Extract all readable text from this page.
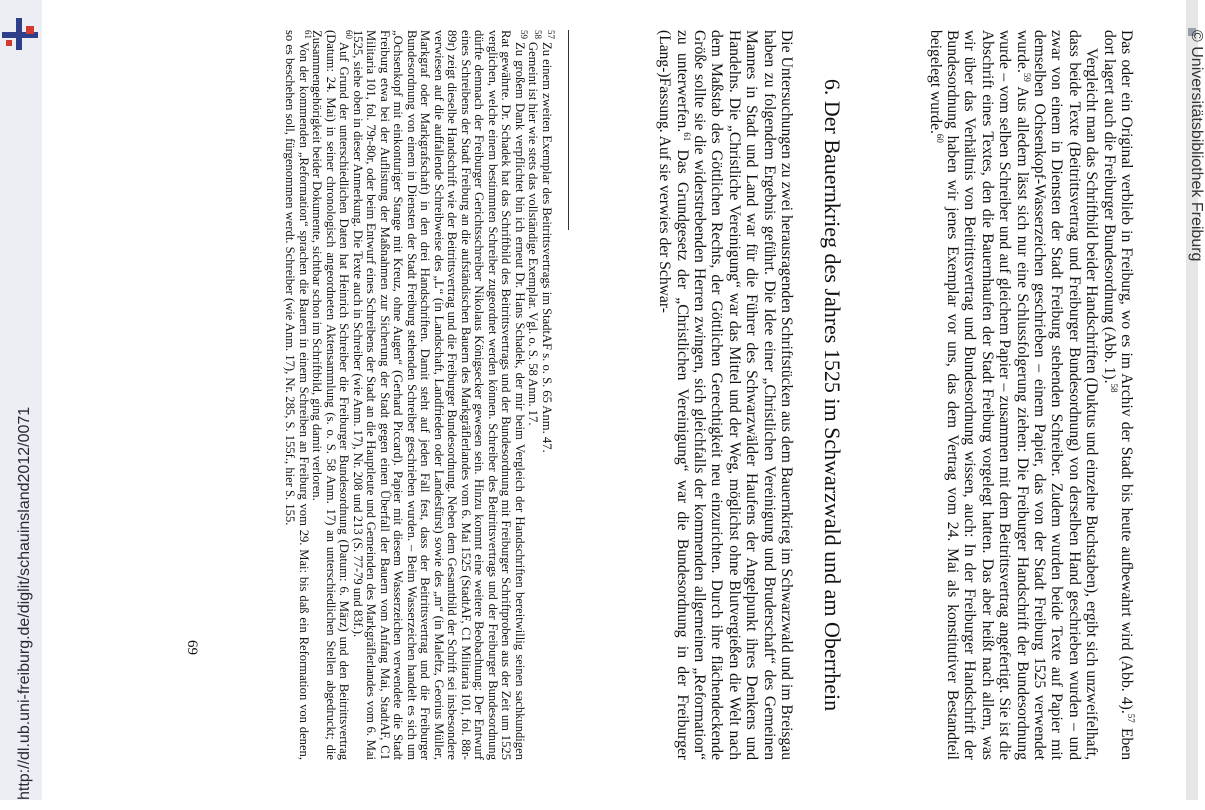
http://dl.ub.uni-freiburg.de/diglit/schauinsland2012/0071
© Universitätsbibliothek Freiburg

Das oder ein Original verblieb in Freiburg, wo es im Archiv der Stadt bis heute aufbewahrt wird (Abb. 4).$^{57}$ Eben dort lagert auch die Freiburger Bundesordnung (Abb. 1).$^{58}$

Vergleicht man das Schriftbild beider Handschriften (Duktus und einzelne Buchstaben), ergibt sich unzweifelhaft, dass beide Texte (Beitrittsvertrag und Freiburger Bundesordnung) von derselben Hand geschrieben wurden – und zwar von einem in Diensten der Stadt Freiburg stehenden Schreiber. Zudem wurden beide Texte auf Papier mit demselben Ochsenkopf-Wasserzeichen geschrieben – einem Papier, das von der Stadt Freiburg 1525 verwendet wurde.$^{59}$ Aus alledem lässt sich nur eine Schlussfolgerung ziehen: Die Freiburger Handschrift der Bundesordnung wurde – vom selben Schreiber und auf gleichem Papier – zusammen mit dem Beitrittsvertrag angefertigt. Sie ist die Abschrift eines Textes, den die Bauernhaufen der Stadt Freiburg vorgelegt hatten. Das aber heißt nach allem, was wir über das Verhältnis von Beitrittsvertrag und Bundesordnung wissen, auch: In der Freiburger Handschrift der Bundesordnung haben wir jenes Exemplar vor uns, das dem Vertrag vom 24. Mai als konstitutiver Bestandteil beigelegt wurde.$^{60}$

6. Der Bauernkrieg des Jahres 1525 im Schwarzwald und am Oberrhein

Die Untersuchungen zu zwei herausragenden Schriftstücken aus dem Bauernkrieg im Schwarzwald und im Breisgau haben zu folgendem Ergebnis geführt. Die Idee einer „Christlichen Vereinigung und Bruderschaft“ des Gemeinen Mannes in Stadt und Land war für die Führer des Schwarzwälder Haufens der Angelpunkt ihres Denkens und Handelns. Die „Christliche Vereinigung“ war das Mittel und der Weg, möglichst ohne Blutvergießen die Welt nach dem Maßstab des Göttlichen Rechts, der Göttlichen Gerechtigkeit neu einzurichten. Durch ihre flächendeckende Größe sollte sie die widerstrebenden Herren zwingen, sich gleichfalls der kommenden allgemeinen „Reformation“ zu unterwerfen.$^{61}$ Das Grundgesetz der „Christlichen Vereinigung“ war die Bundesordnung in der Freiburger (Lang-)Fassung. Auf sie verwies der Schwar-

$^{57}$Zu einem zweiten Exemplar des Beitrittsvertrags im StadtAF s. o. S. 65 Anm. 47.

$^{58}$Gemeint ist hier wie stets das vollständige Exemplar. Vgl. o. S. 58 Anm. 17.

$^{59}$Zu großem Dank verpflichtet bin ich erneut Dr. Hans Schadek, der mir beim Vergleich der Handschriften bereitwillig seinen sachkundigen Rat gewährte. Dr. Schadek hat das Schriftbild des Beitrittsvertrags und der Bundesordnung mit Freiburger Schriftproben aus der Zeit um 1525 verglichen, welche einem bestimmten Schreiber zugeordnet werden können. Schreiber des Beitrittsvertrags und der Freiburger Bundesordnung dürfte demnach der Freiburger Gerichtsschreiber Nikolaus Königsecker gewesen sein. Hinzu kommt eine weitere Beobachtung: Der Entwurf eines Schreibens der Stadt Freiburg an die aufständischen Bauern des Markgräflerlandes vom 6. Mai 1525 (StadtAF, C1 Militaria 101, fol. 88r-89r) zeigt dieselbe Handschrift wie der Beitrittsvertrag und die Freiburger Bundesordnung. Neben dem Gesamtbild der Schrift sei insbesondere verwiesen auf die auffallende Schreibweise des „L“ (in Landschaft, Landfrieden oder Landesfürst) sowie des „m“ (in Maleftz, Georius Müller, Markgraf oder Markgrafschaft) in den drei Handschriften. Damit steht auf jeden Fall fest, dass der Beitrittsvertrag und die Freiburger Bundesordnung von einem in Diensten der Stadt Freiburg stehenden Schreiber geschrieben wurden. – Beim Wasserzeichen handelt es sich um „Ochsenkopf mit einkonturiger Stange mit Kreuz, ohne Augen“ (Gerhard Piccard). Papier mit diesem Wasserzeichen verwendete die Stadt Freiburg etwa bei der Auflistung der Maßnahmen zur Sicherung der Stadt gegen einen Überfall der Bauern vom Anfang Mai, StadtAF, C1 Militaria 101, fol. 79r-80r, oder beim Entwurf eines Schreibens der Stadt an die Hauptleute und Gemeinden des Markgräflerlandes vom 6. Mai 1525, siehe oben in dieser Anmerkung. Die Texte auch in Schreiber (wie Anm. 17), Nr. 208 und 213 (S. 77-79 und 83f.).

$^{60}$Auf Grund der unterschiedlichen Daten hat Heinrich Schreiber die Freiburger Bundesordnung (Datum: 6. März) und den Beitrittsvertrag (Datum: 24. Mai) in seiner chronologisch angeordneten Aktensammlung (s. o. S. 58 Anm. 17) an unterschiedlichen Stellen abgedruckt; die Zusammengehörigkeit beider Dokumente, sichtbar schon im Schriftbild, ging damit verloren.

$^{61}$Von der kommenden „Reformation“ sprachen die Bauern in einem Schreiben an Freiburg vom 29. Mai: bis daß ein Reformation von denen, so es beschehen soll, fürgenommen werdt. Schreiber (wie Anm. 17), Nr. 285, S. 155f., hier S. 155.

69
